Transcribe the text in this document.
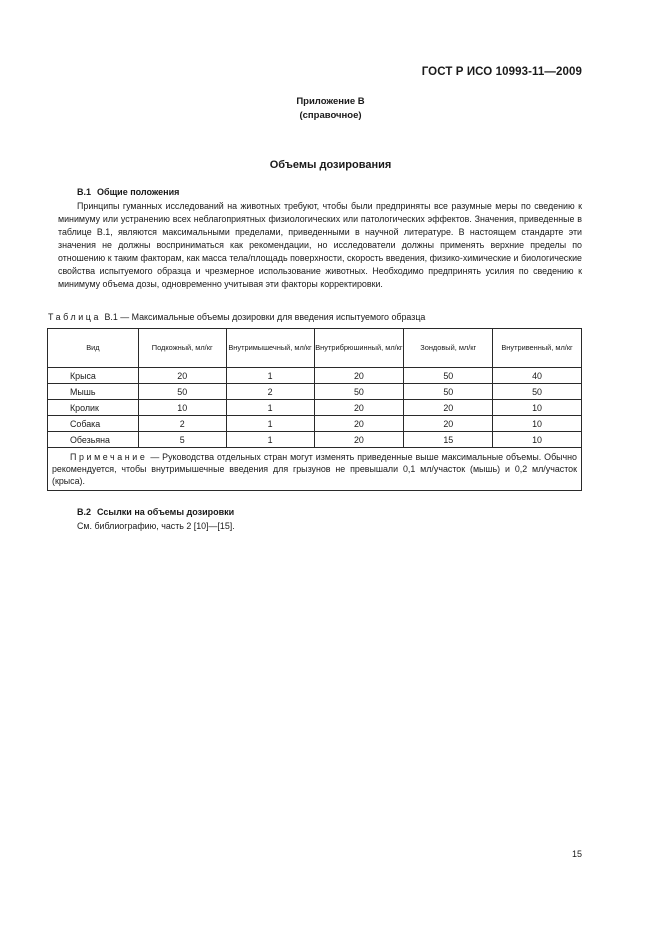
ГОСТ Р ИСО 10993-11—2009
Приложение В
(справочное)
Объемы дозирования
В.1 Общие положения

Принципы гуманных исследований на животных требуют, чтобы были предприняты все разумные меры по сведению к минимуму или устранению всех неблагоприятных физиологических или патологических эффектов. Значения, приведенные в таблице В.1, являются максимальными пределами, приведенными в научной литературе. В настоящем стандарте эти значения не должны восприниматься как рекомендации, но исследователи должны применять верхние пределы по отношению к таким факторам, как масса тела/площадь поверхности, скорость введения, физико-химические и биологические свойства испытуемого образца и чрезмерное использование животных. Необходимо предпринять усилия по сведению к минимуму объема дозы, одновременно учитывая эти факторы корректировки.

Таблица В.1 — Максимальные объемы дозировки для введения испытуемого образца
Вид	Подкожный, мл/кг	Внутримышечный, мл/кг	Внутрибрюшинный, мл/кг	Зондовый, мл/кг	Внутривенный, мл/кг
Крыса	20	1	20	50	40
Мышь	50	2	50	50	50
Кролик	10	1	20	20	10
Собака	2	1	20	20	10
Обезьяна	5	1	20	15	10
Примечание — Руководства отдельных стран могут изменять приведенные выше максимальные объемы. Обычно рекомендуется, чтобы внутримышечные введения для грызунов не превышали 0,1 мл/участок (мышь) и 0,2 мл/участок (крыса).					
В.2 Ссылки на объемы дозировки
См. библиографию, часть 2 [10]—[15].
15
